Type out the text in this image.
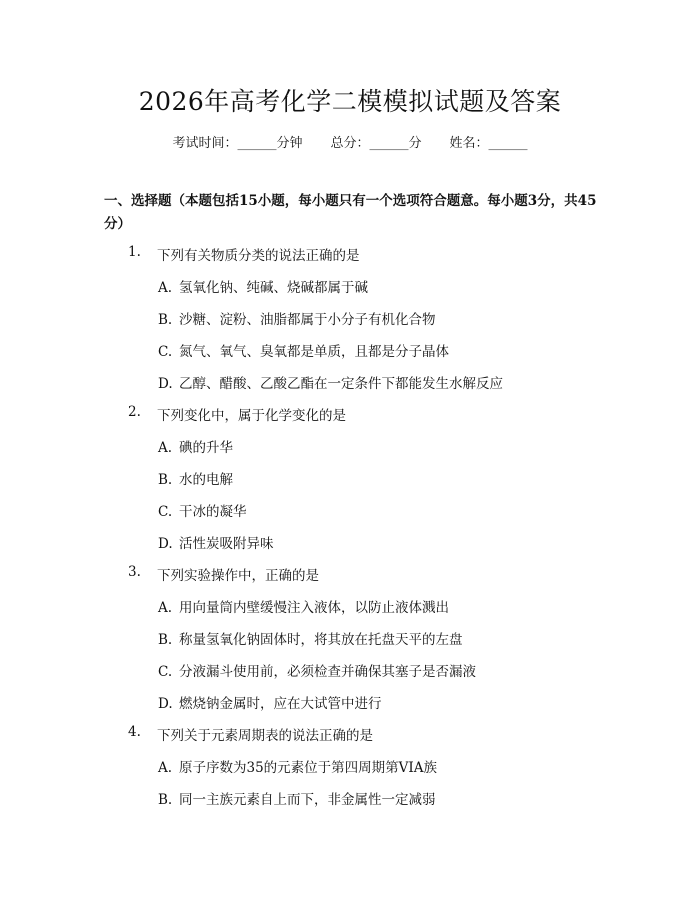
2026年高考化学二模模拟试题及答案
考试时间：______分钟 总分：______分 姓名：______
一、选择题（本题包括15小题，每小题只有一个选项符合题意。每小题3分，共45分）
1. 下列有关物质分类的说法正确的是
A. 氢氧化钠、纯碱、烧碱都属于碱
B. 沙糖、淀粉、油脂都属于小分子有机化合物
C. 氮气、氧气、臭氧都是单质，且都是分子晶体
D. 乙醇、醋酸、乙酸乙酯在一定条件下都能发生水解反应
2. 下列变化中，属于化学变化的是
A. 碘的升华
B. 水的电解
C. 干冰的凝华
D. 活性炭吸附异味
3. 下列实验操作中，正确的是
A. 用向量筒内壁缓慢注入液体，以防止液体溅出
B. 称量氢氧化钠固体时，将其放在托盘天平的左盘
C. 分液漏斗使用前，必须检查并确保其塞子是否漏液
D. 燃烧钠金属时，应在大试管中进行
4. 下列关于元素周期表的说法正确的是
A. 原子序数为35的元素位于第四周期第VIA族
B. 同一主族元素自上而下，非金属性一定减弱
